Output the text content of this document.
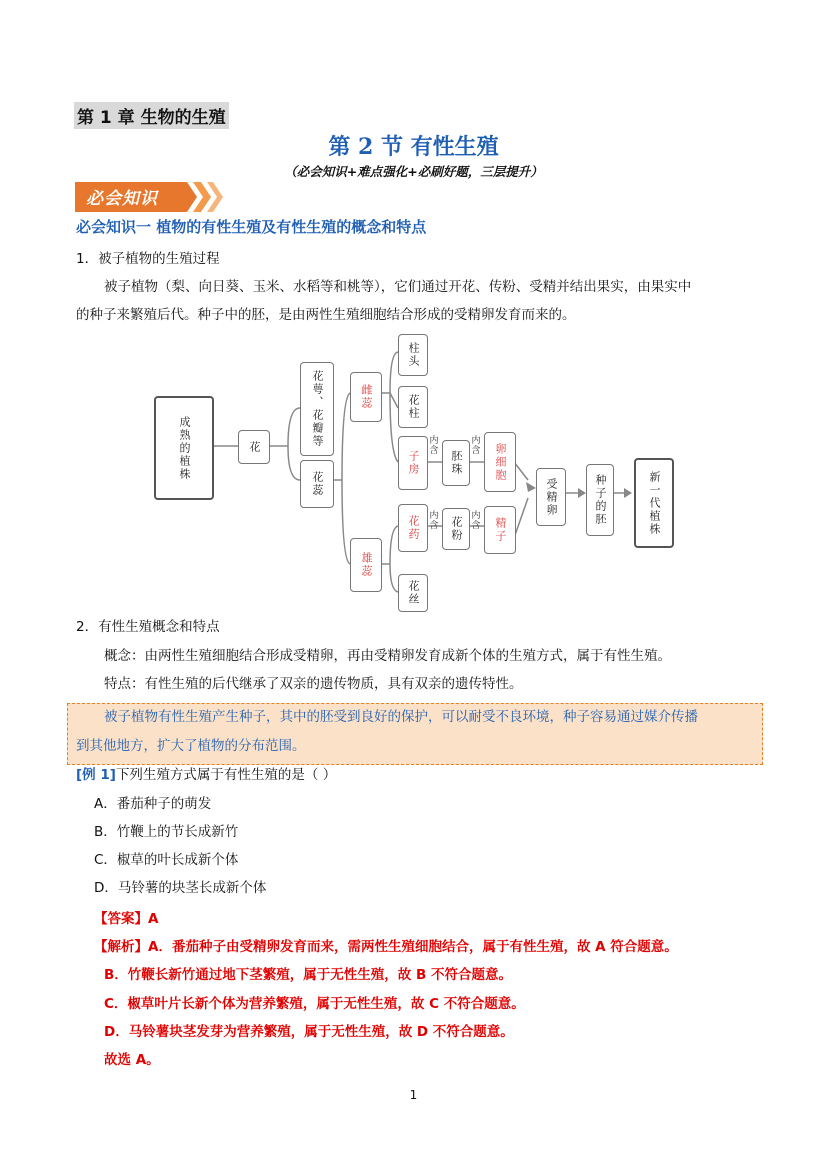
第 1 章 生物的生殖
第 2 节 有性生殖
（必会知识+难点强化+必刷好题，三层提升）
必会知识
必会知识一 植物的有性生殖及有性生殖的概念和特点
1．被子植物的生殖过程
被子植物（梨、向日葵、玉米、水稻等和桃等），它们通过开花、传粉、受精并结出果实，由果实中
的种子来繁殖后代。种子中的胚，是由两性生殖细胞结合形成的受精卵发育而来的。
成熟的植株	花	花萼、花瓣等
花蕊
雌蕊
柱头
花柱
子房	胚珠	卵细胞
雄蕊
花药	花粉	精子
花丝
受精卵	种子的胚	新一代植株
内含
内含
内含
内含
2．有性生殖概念和特点
概念：由两性生殖细胞结合形成受精卵，再由受精卵发育成新个体的生殖方式，属于有性生殖。
特点：有性生殖的后代继承了双亲的遗传物质，具有双亲的遗传特性。
被子植物有性生殖产生种子，其中的胚受到良好的保护，可以耐受不良环境，种子容易通过媒介传播
到其他地方，扩大了植物的分布范围。
[例 1]下列生殖方式属于有性生殖的是（ ）
A．番茄种子的萌发
B．竹鞭上的节长成新竹
C．椒草的叶长成新个体
D．马铃薯的块茎长成新个体
【答案】A
【解析】A．番茄种子由受精卵发育而来，需两性生殖细胞结合，属于有性生殖，故 A 符合题意。
B．竹鞭长新竹通过地下茎繁殖，属于无性生殖，故 B 不符合题意。
C．椒草叶片长新个体为营养繁殖，属于无性生殖，故 C 不符合题意。
D．马铃薯块茎发芽为营养繁殖，属于无性生殖，故 D 不符合题意。
故选 A。
1
